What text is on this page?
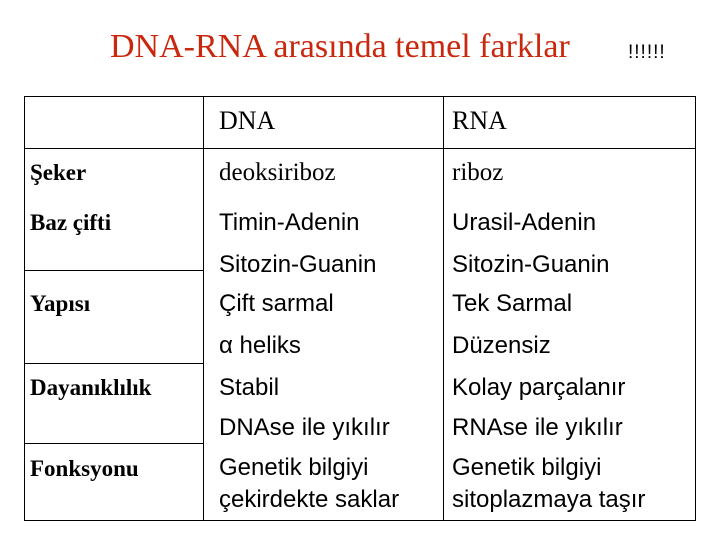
DNA-RNA arasında temel farklar	!!!!!!
DNA	RNA
Şeker
Baz çifti
Yapısı
Dayanıklılık
Fonksyonu
deoksiriboz
Timin-Adenin
Sitozin-Guanin
Çift sarmal
α heliks
Stabil
DNAse ile yıkılır
Genetik bilgiyi
çekirdekte saklar
riboz
Urasil-Adenin
Sitozin-Guanin
Tek Sarmal
Düzensiz
Kolay parçalanır
RNAse ile yıkılır
Genetik bilgiyi
sitoplazmaya taşır
